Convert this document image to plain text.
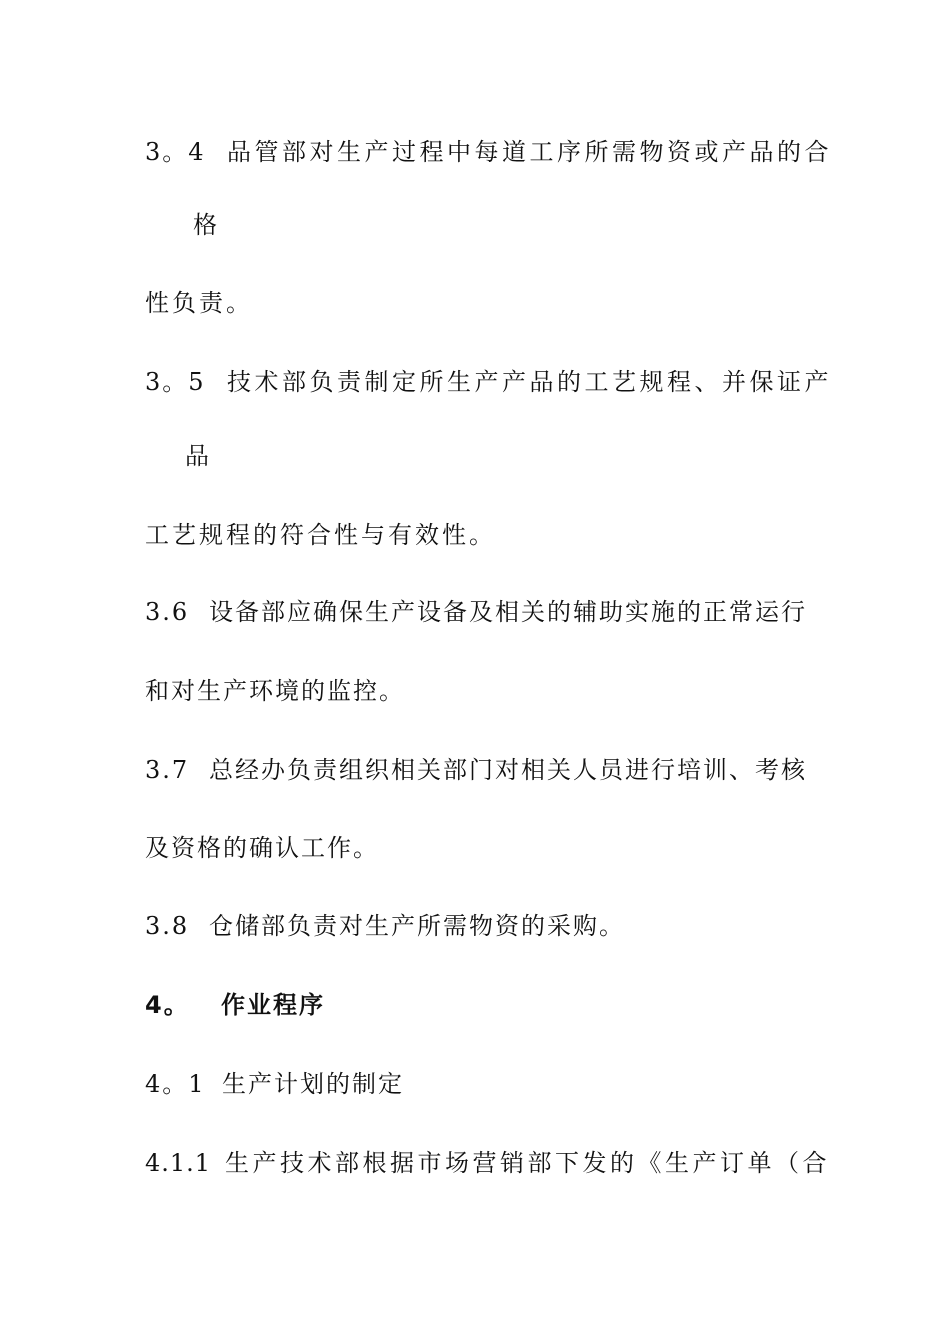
3。4 品管部对生产过程中每道工序所需物资或产品的合
格
性负责。
3。5 技术部负责制定所生产产品的工艺规程、并保证产
品
工艺规程的符合性与有效性。
3.6 设备部应确保生产设备及相关的辅助实施的正常运行
和对生产环境的监控。
3.7 总经办负责组织相关部门对相关人员进行培训、考核
及资格的确认工作。
3.8 仓储部负责对生产所需物资的采购。
4。 作业程序
4。1 生产计划的制定
4.1.1 生产技术部根据市场营销部下发的《生产订单（合
